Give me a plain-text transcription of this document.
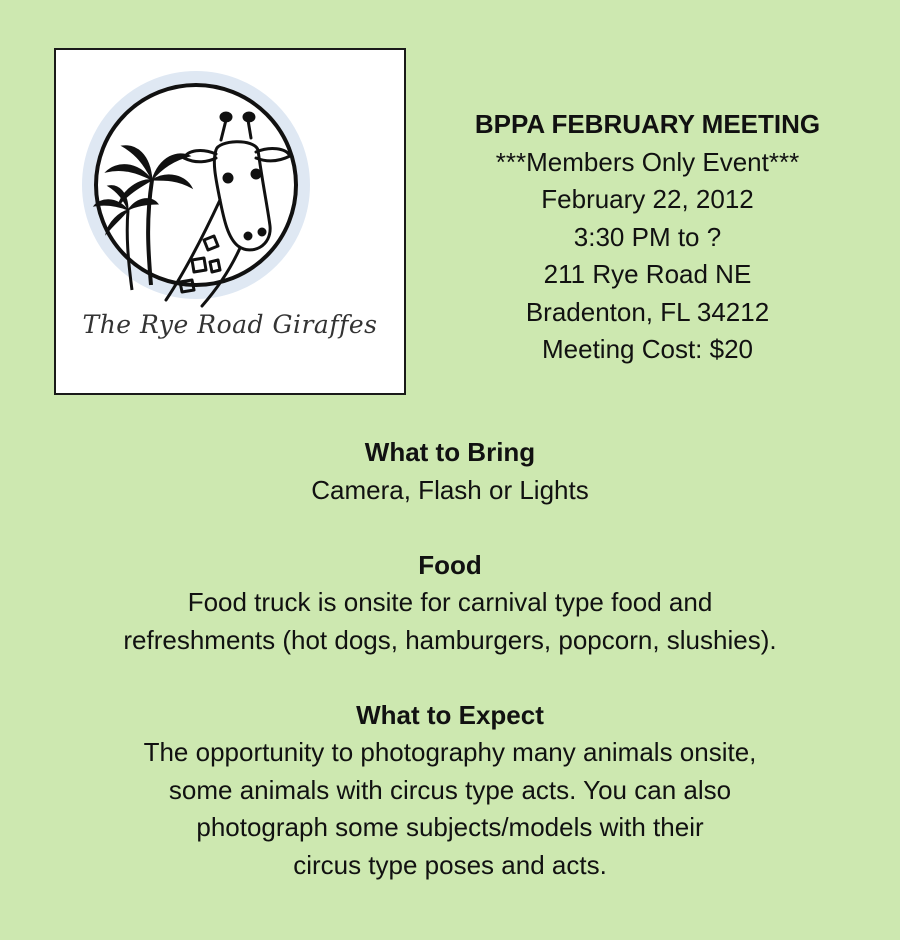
The Rye Road Giraffes
BPPA FEBRUARY MEETING
***Members Only Event***
February 22, 2012
3:30 PM to ?
211 Rye Road NE
Bradenton, FL 34212
Meeting Cost: $20
What to Bring
Camera, Flash or Lights
Food
Food truck is onsite for carnival type food and
refreshments (hot dogs, hamburgers, popcorn, slushies).
What to Expect
The opportunity to photography many animals onsite,
some animals with circus type acts. You can also
photograph some subjects/models with their
circus type poses and acts.
